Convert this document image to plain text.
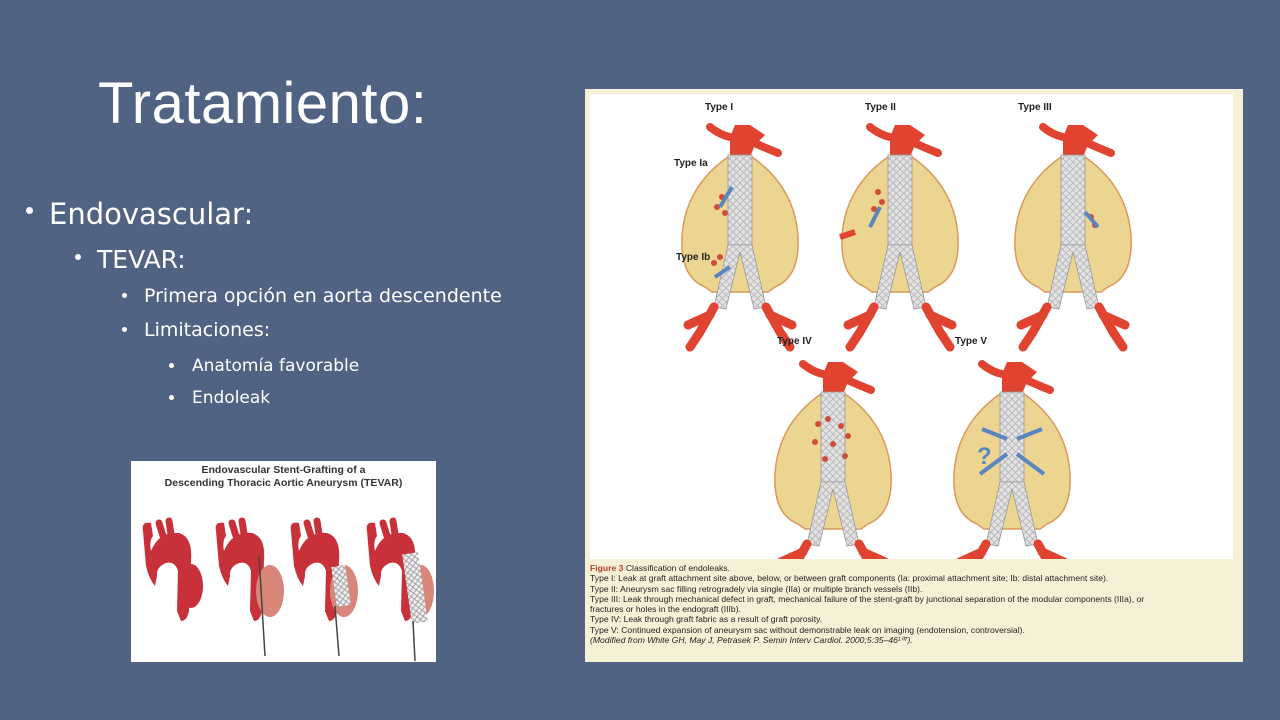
Tratamiento:
Endovascular:
TEVAR:
Primera opción en aorta descendente
Limitaciones:
Anatomía favorable
Endoleak
Endovascular Stent-Grafting of a
Descending Thoracic Aortic Aneurysm (TEVAR)
?
Type I	Type II	Type III
Type Ia
Type Ib
Type IV	Type V
Figure 3 Classification of endoleaks.
Type I: Leak at graft attachment site above, below, or between graft components (Ia: proximal attachment site; Ib: distal attachment site).
Type II: Aneurysm sac filling retrogradely via single (IIa) or multiple branch vessels (IIb).
Type III: Leak through mechanical defect in graft, mechanical failure of the stent-graft by junctional separation of the modular components (IIIa), or
fractures or holes in the endograft (IIIb).
Type IV: Leak through graft fabric as a result of graft porosity.
Type V: Continued expansion of aneurysm sac without demonstrable leak on imaging (endotension, controversial).
(Modified from White GH, May J, Petrasek P. Semin Interv Cardiol. 2000;5:35–46¹⁰⁷).
